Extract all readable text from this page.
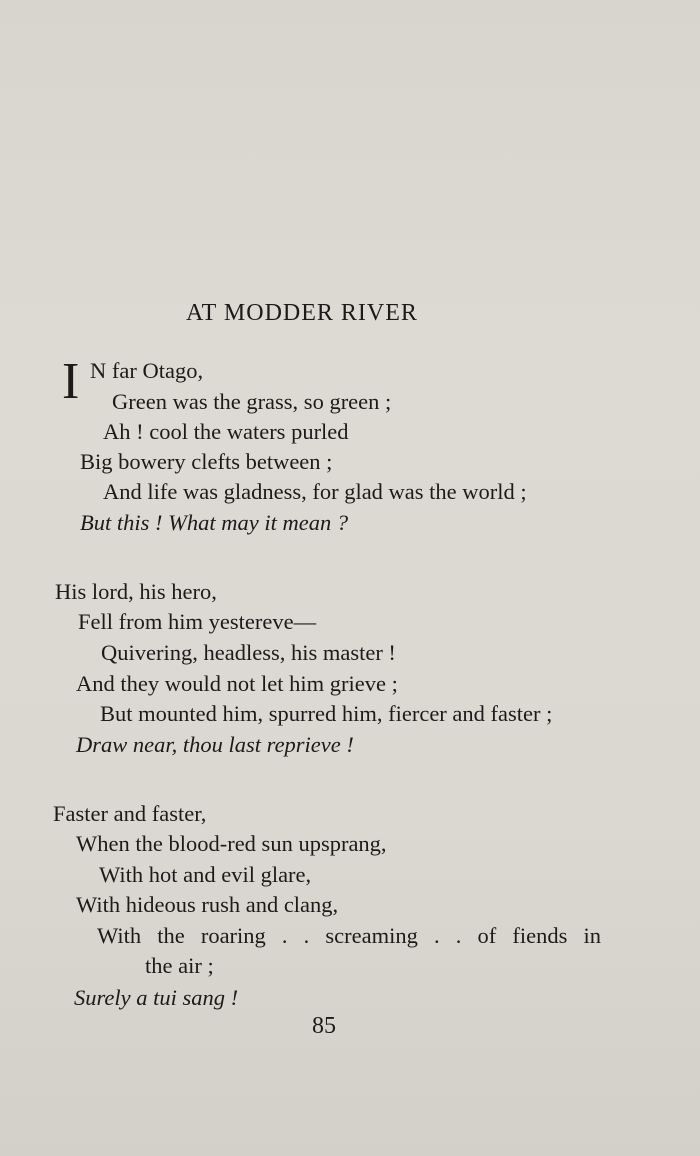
AT MODDER RIVER
I N far Otago,
Green was the grass, so green ;
Ah ! cool the waters purled
Big bowery clefts between ;
And life was gladness, for glad was the world ;
But this ! What may it mean ?
His lord, his hero,
Fell from him yestereve—
Quivering, headless, his master !
And they would not let him grieve ;
But mounted him, spurred him, fiercer and faster ;
Draw near, thou last reprieve !
Faster and faster,
When the blood-red sun upsprang,
With hot and evil glare,
With hideous rush and clang,
With the roaring . . screaming . . of fiends in
the air ;
Surely a tui sang !
85
